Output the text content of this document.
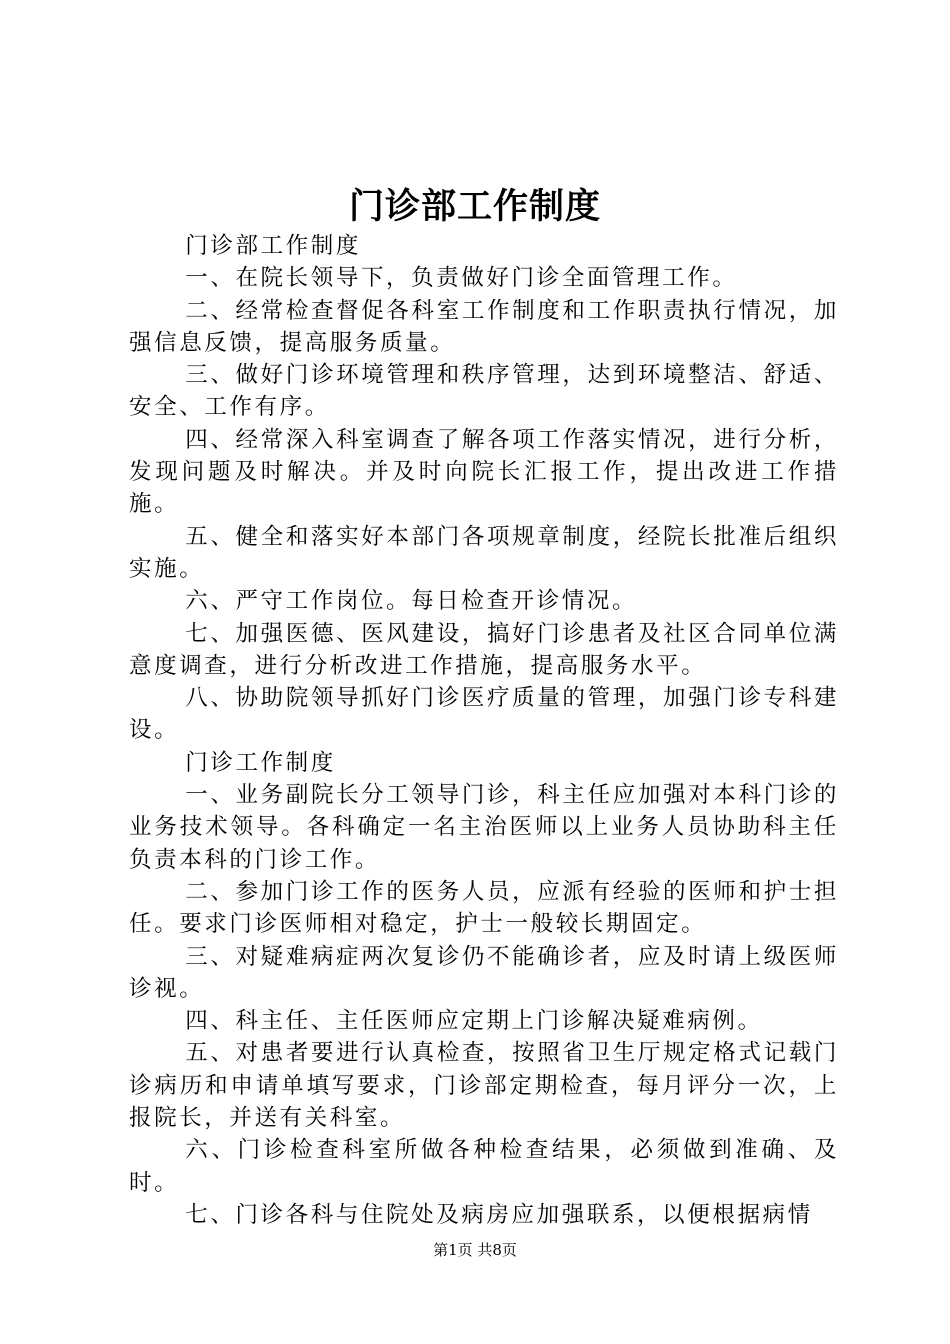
门诊部工作制度

门诊部工作制度

一、在院长领导下，负责做好门诊全面管理工作。

二、经常检查督促各科室工作制度和工作职责执行情况，加强信息反馈，提高服务质量。

三、做好门诊环境管理和秩序管理，达到环境整洁、舒适、安全、工作有序。

四、经常深入科室调查了解各项工作落实情况，进行分析，发现问题及时解决。并及时向院长汇报工作，提出改进工作措施。

五、健全和落实好本部门各项规章制度，经院长批准后组织实施。

六、严守工作岗位。每日检查开诊情况。

七、加强医德、医风建设，搞好门诊患者及社区合同单位满意度调查，进行分析改进工作措施，提高服务水平。

八、协助院领导抓好门诊医疗质量的管理，加强门诊专科建设。

门诊工作制度

一、业务副院长分工领导门诊，科主任应加强对本科门诊的业务技术领导。各科确定一名主治医师以上业务人员协助科主任负责本科的门诊工作。

二、参加门诊工作的医务人员，应派有经验的医师和护士担任。要求门诊医师相对稳定，护士一般较长期固定。

三、对疑难病症两次复诊仍不能确诊者，应及时请上级医师诊视。

四、科主任、主任医师应定期上门诊解决疑难病例。

五、对患者要进行认真检查，按照省卫生厅规定格式记载门诊病历和申请单填写要求，门诊部定期检查，每月评分一次，上报院长，并送有关科室。

六、门诊检查科室所做各种检查结果，必须做到准确、及时。

七、门诊各科与住院处及病房应加强联系，以便根据病情

第1页 共8页
